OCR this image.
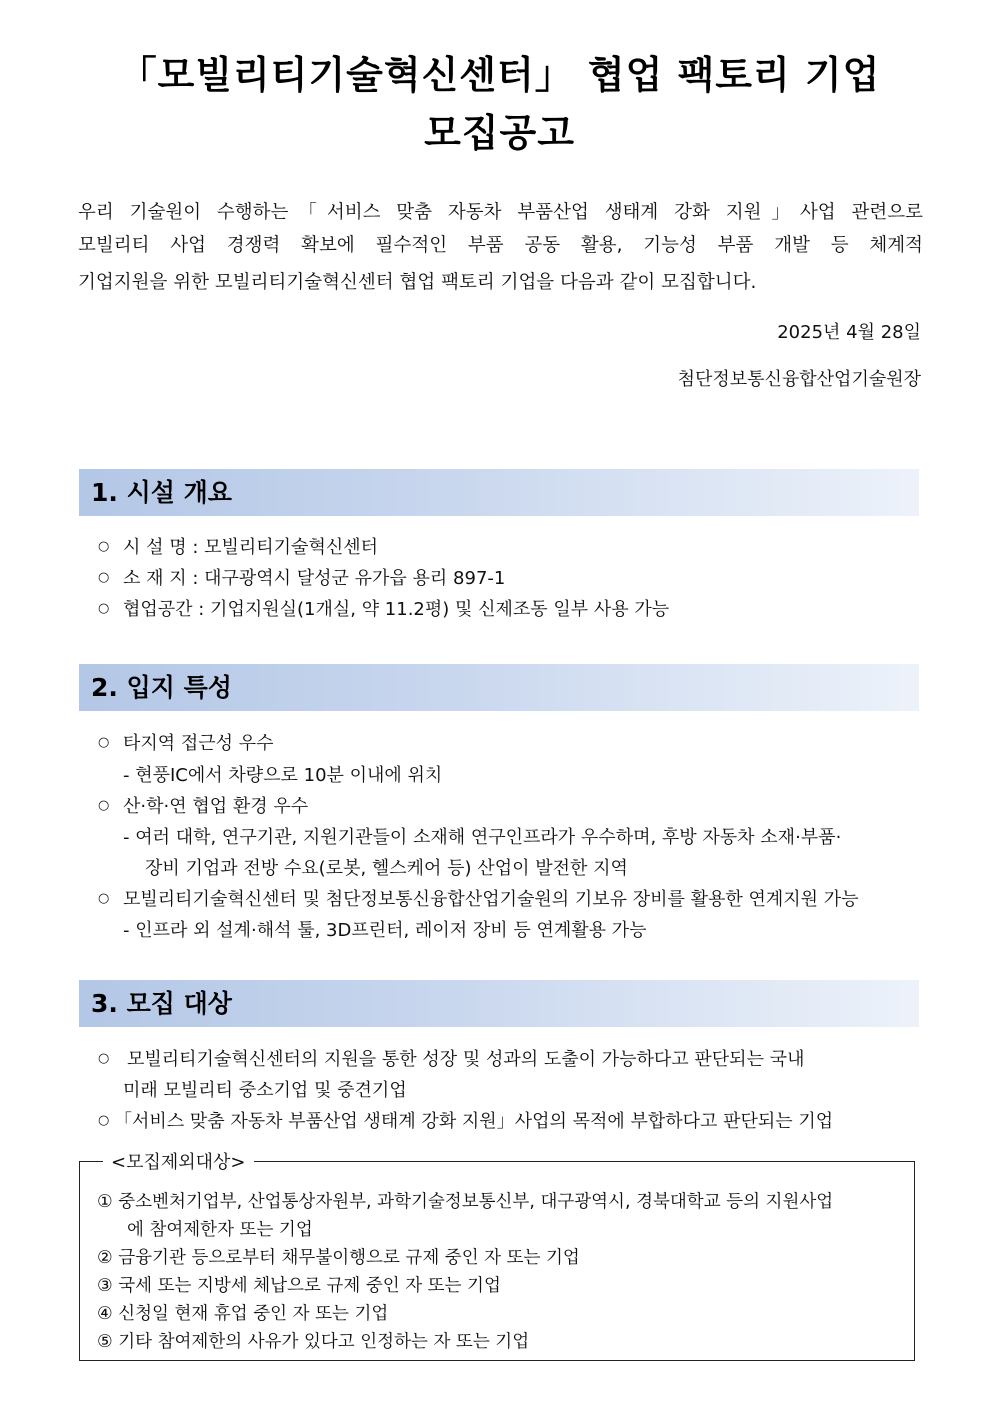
「모빌리티기술혁신센터」 협업 팩토리 기업
모집공고
우리 기술원이 수행하는「서비스 맞춤 자동차 부품산업 생태계 강화 지원」사업 관련으로
모빌리티 사업 경쟁력 확보에 필수적인 부품 공동 활용, 기능성 부품 개발 등 체계적
기업지원을 위한 모빌리티기술혁신센터 협업 팩토리 기업을 다음과 같이 모집합니다.
2025년 4월 28일
첨단정보통신융합산업기술원장
1. 시설 개요
○ 시 설 명 : 모빌리티기술혁신센터
○ 소 재 지 : 대구광역시 달성군 유가읍 용리 897-1
○ 협업공간 : 기업지원실(1개실, 약 11.2평) 및 신제조동 일부 사용 가능
2. 입지 특성
○ 타지역 접근성 우수
- 현풍IC에서 차량으로 10분 이내에 위치
○ 산·학·연 협업 환경 우수
- 여러 대학, 연구기관, 지원기관들이 소재해 연구인프라가 우수하며, 후방 자동차 소재·부품·
장비 기업과 전방 수요(로봇, 헬스케어 등) 산업이 발전한 지역
○ 모빌리티기술혁신센터 및 첨단정보통신융합산업기술원의 기보유 장비를 활용한 연계지원 가능
- 인프라 외 설계·해석 툴, 3D프린터, 레이저 장비 등 연계활용 가능
3. 모집 대상
○ 모빌리티기술혁신센터의 지원을 통한 성장 및 성과의 도출이 가능하다고 판단되는 국내
미래 모빌리티 중소기업 및 중견기업
○ 「서비스 맞춤 자동차 부품산업 생태계 강화 지원」사업의 목적에 부합하다고 판단되는 기업
<모집제외대상>
① 중소벤처기업부, 산업통상자원부, 과학기술정보통신부, 대구광역시, 경북대학교 등의 지원사업
에 참여제한자 또는 기업
② 금융기관 등으로부터 채무불이행으로 규제 중인 자 또는 기업
③ 국세 또는 지방세 체납으로 규제 중인 자 또는 기업
④ 신청일 현재 휴업 중인 자 또는 기업
⑤ 기타 참여제한의 사유가 있다고 인정하는 자 또는 기업
